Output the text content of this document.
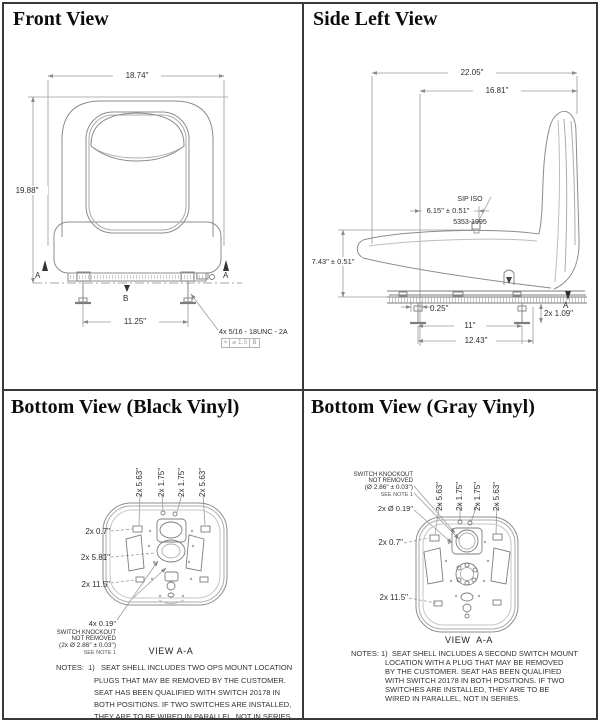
Front View
18.74"
19.88"
A	A
B
11.25"
4x 5/16 - 18UNC - 2A
⌖ ⌀ 1.5 B
Side Left View
22.05"
16.81"

SIP ISO

5353-1995

6.15" ± 0.51"
7.43" ± 0.51"
0.25"
11"
12.43"
2x 1.09"
A
Bottom View (Black Vinyl)
2x 5.63" 2x 1.75" 2x 1.75" 2x 5.63"
2x 0.7"
2x 5.81"
2x 11.5"
4x 0.19"
SWITCH KNOCKOUT
NOT REMOVED
(2x Ø 2.86" ± 0.03")
SEE NOTE 1	VIEW A-A
NOTES:  1)   SEAT SHELL INCLUDES TWO OPS MOUNT LOCATION
PLUGS THAT MAY BE REMOVED BY THE CUSTOMER.
SEAT HAS BEEN QUALIFIED WITH SWITCH 20178 IN
BOTH POSITIONS. IF TWO SWITCHES ARE INSTALLED,
THEY ARE TO BE WIRED IN PARALLEL, NOT IN SERIES.
Bottom View (Gray Vinyl)
SWITCH KNOCKOUT
NOT REMOVED
(Ø 2.86" ± 0.03")
SEE NOTE 1
2x Ø 0.19"	2x 5.63" 2x 1.75" 2x 1.75" 2x 5.63"
2x 0.7"
2x 11.5"
VIEW  A-A
NOTES: 1)  SEAT SHELL INCLUDES A SECOND SWITCH MOUNT
LOCATION WITH A PLUG THAT MAY BE REMOVED
BY THE CUSTOMER. SEAT HAS BEEN QUALIFIED
WITH SWITCH 20178 IN BOTH POSITIONS. IF TWO
SWITCHES ARE INSTALLED, THEY ARE TO BE
WIRED IN PARALLEL, NOT IN SERIES.
